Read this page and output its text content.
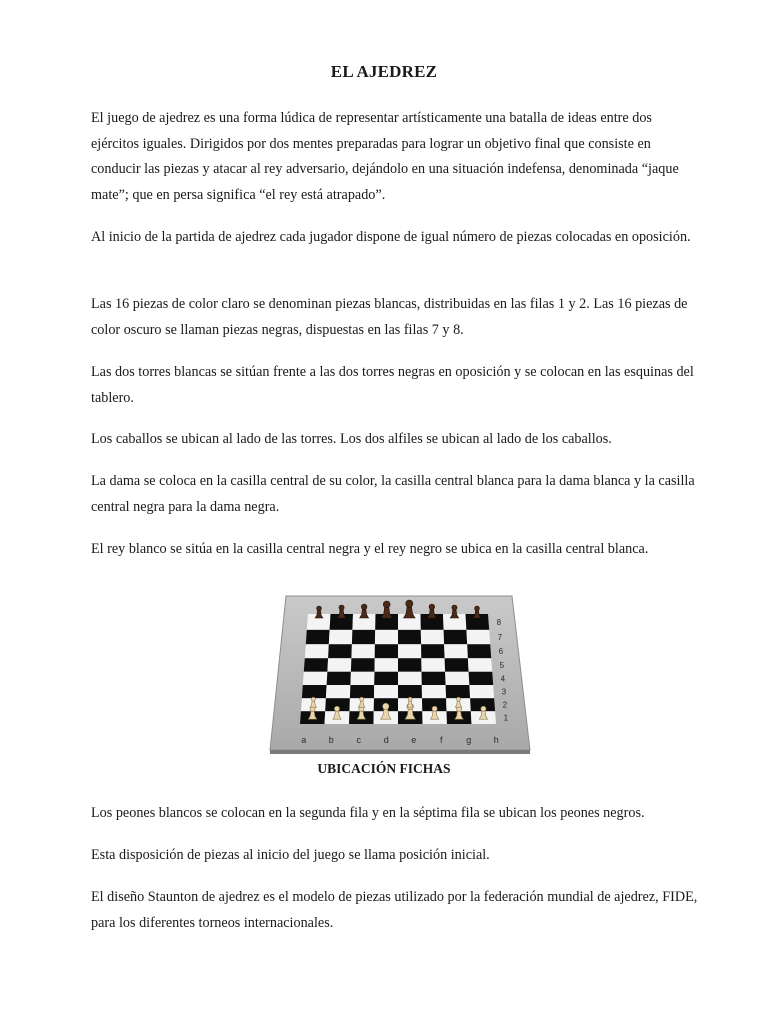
EL AJEDREZ

El juego de ajedrez es una forma lúdica de representar artísticamente una batalla de ideas entre dos ejércitos iguales. Dirigidos por dos mentes preparadas para lograr un objetivo final que consiste en conducir las piezas y atacar al rey adversario, dejándolo en una situación indefensa, denominada “jaque mate”; que en persa significa “el rey está atrapado”.

Al inicio de la partida de ajedrez cada jugador dispone de igual número de piezas colocadas en oposición.

Las 16 piezas de color claro se denominan piezas blancas, distribuidas en las filas 1 y 2. Las 16 piezas de color oscuro se llaman piezas negras, dispuestas en las filas 7 y 8.

Las dos torres blancas se sitúan frente a las dos torres negras en oposición y se colocan en las esquinas del tablero.

Los caballos se ubican al lado de las torres. Los dos alfiles se ubican al lado de los caballos.

La dama se coloca en la casilla central de su color, la casilla central blanca para la dama blanca y la casilla central negra para la dama negra.

El rey blanco se sitúa en la casilla central negra y el rey negro se ubica en la casilla central blanca.

a b	c	d e	f	g h
8
7
6
5
4
3
2
1
UBICACIÓN FICHAS

Los peones blancos se colocan en la segunda fila y en la séptima fila se ubican los peones negros.

Esta disposición de piezas al inicio del juego se llama posición inicial.

El diseño Staunton de ajedrez es el modelo de piezas utilizado por la federación mundial de ajedrez, FIDE, para los diferentes torneos internacionales.
